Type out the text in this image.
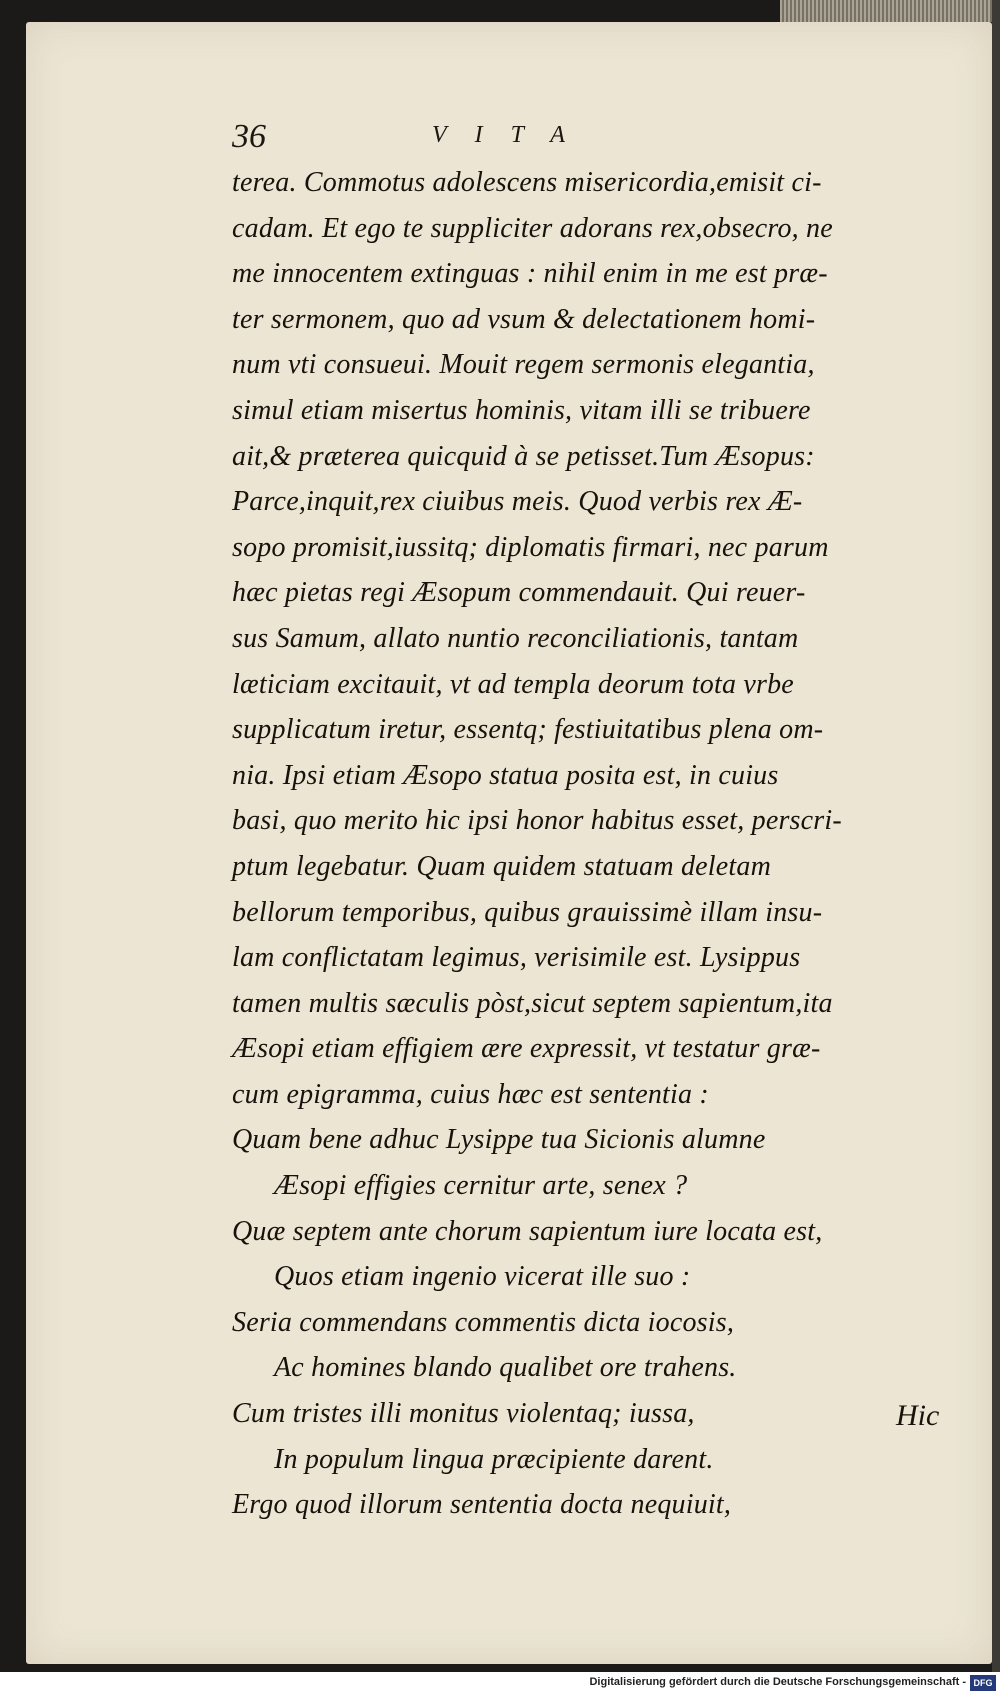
36	VITA
terea. Commotus adolescens misericordia,emisit ci-
cadam. Et ego te suppliciter adorans rex,obsecro, ne
me innocentem extinguas : nihil enim in me est præ-
ter sermonem, quo ad vsum & delectationem homi-
num vti consueui. Mouit regem sermonis elegantia,
simul etiam misertus hominis, vitam illi se tribuere
ait,& præterea quicquid à se petisset.Tum Æsopus:
Parce,inquit,rex ciuibus meis. Quod verbis rex Æ-
sopo promisit,iussitq; diplomatis firmari, nec parum
hæc pietas regi Æsopum commendauit. Qui reuer-
sus Samum, allato nuntio reconciliationis, tantam
læticiam excitauit, vt ad templa deorum tota vrbe
supplicatum iretur, essentq; festiuitatibus plena om-
nia. Ipsi etiam Æsopo statua posita est, in cuius
basi, quo merito hic ipsi honor habitus esset, perscri-
ptum legebatur. Quam quidem statuam deletam
bellorum temporibus, quibus grauissimè illam insu-
lam conflictatam legimus, verisimile est. Lysippus
tamen multis sæculis pòst,sicut septem sapientum,ita
Æsopi etiam effigiem ære expressit, vt testatur græ-
cum epigramma, cuius hæc est sententia :
Quam bene adhuc Lysippe tua Sicionis alumne
Æsopi effigies cernitur arte, senex ?
Quæ septem ante chorum sapientum iure locata est,
Quos etiam ingenio vicerat ille suo :
Seria commendans commentis dicta iocosis,
Ac homines blando qualibet ore trahens.
Cum tristes illi monitus violentaq; iussa,
In populum lingua præcipiente darent.
Ergo quod illorum sententia docta nequiuit,
Hic
Digitalisierung gefördert durch die Deutsche Forschungsgemeinschaft - DFG
